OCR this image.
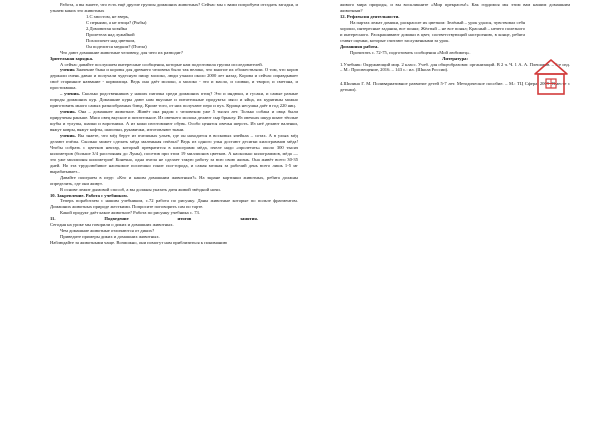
Работа, а вы знаете, что есть ещё другие группы домашних животных? Сейчас мы с вами попробуем отгадать загадки, и узнаем каких это животных

1.С хвостом, не зверь,

С перьями, а не птица? (Рыбы)

2.Домовитая хозяйка

Пролетела над лужайкой

Похлопочет над цветком,

Он поделится медком? (Пчела)

Что дают домашние животные человеку, для чего их разводят?

Зрительная зарядка.

А сейчас давайте послушаем интересные сообщения, которые нам подготовила группа исследователей.

ученик Значение быка и коровы для древнего человека было так велико, что многие их обожествляли. О том, что коров держали очень давно и получали чудесную пищу молоко, люди узнали около 2000 лет назад. Корова и сейчас оправдывает своё старинное название - кормилица. Ведь она даёт молоко, а молоко - это и масло, и сливки, и творог, и сметана, и простокваша.

– ученик. Сколько родственников у наших пятачка среди домашних птиц? Это и индюки, и гусаки, и самые разные породы домашних кур. Домашние куры дают нам вкусные и питательные продукты: мясо и яйца, их курятины можно приготовить много самых разнообразных блюд. Кроме того, от них получают перо и пух. Курица несушка даёт в год 220 яиц.

ученик. Она – домашнее животное. Живёт она рядом с человеком уже 5 тысяч лет. Только собака и овца были приручены раньше. Мясо овец вкусное и питательное. Из овечьего молока делают сыр брынзу. Из овечьих шкур шьют тёплые шубы и тулупы, шапки и воротники. А из кожи изготовляют обувь. Особо ценятся овечья шерсть. Из неё делают валенки, вяжут ковры, вяжут кофты, шапочки, рукавички, изготовляют ткани.

ученик. Вы знаете, что мёд берут из пчелиных ульев, где он находится в восковых ячейках – сотах. А в ульях мёд делают пчёлы. Сколько может сделать мёда маленькая пчёлка? Ведь из одного улья достают десятки килограммов мёда! Чтобы собрать с цветков нектар, который превратится в килограмм мёда, пчеле надо «пролетать» около 300 тысяч километров (больше 3/4 расстояния до Луны), посетив при этом 19 миллионов цветков. А насколько килограммов, мёда — это уже миллионы километров! Конечно, одна пчела не сделает такую работу за всю свою жизнь. Она живёт всего 30-35 дней. Но эта трудолюбивое насекомое поспешно гонит пол-города, и самая мелкая за рабочий день всего лишь 1-5 мг вырабатывает...

Давайте поиграем в игру: «Кто и каким домашним животным?» На экране картинки животных, ребята должны определить, где они живут.

В основе лежит дымовой способ, а вы должны указать дитя живой звёздной ночи.

10. Закрепление. Работа с учебником.

Теперь поработаем с нашим учебником, с.72 работа по рисунку. Даны животные которые по пользе фрагментом. Домашних животных природе жесткими. Попросите поговорить сам по тарте.

Какой продукт даёт какое животное? Работа по рисунку учебника с. 73.

11.	Подведение	итогов	занятия.

Сегодня на уроке мы говорили о диких и домашних животных.

Чем домашние животные отличаются от диких?

Приведите примеры диких и домашних животных.

Наблюдайте за животными чаще. Возможно, они помогут нам приблизиться к пониманию

живого мира природы, и вы воскликните «Мир прекрасен!» Как гордимся мы этим вам нашим домашним животным?

12. Рефлексия деятельности.

На партах лежат домики, раскрасьте их цветком: Зелёный – урок удался, чувствовал себя хорошо, интересные задания, все понял; Жёлтый – не все понял; Красный – нечего полезного и интересного. Раскрашивают домики в цвет, соответствующий настроению, в конце, ребята ставят оценки, которые считают заслуженными за урок.

Домашняя работа.

Прочитать с. 72-75, подготовить сообщения «Мой любимец».

Литература:

1.Учебник: Окружающий мир. 2 класс. Учеб. для общеобразоват. организаций. В 2 ч. Ч. 1 А. А. Плешаков. – 6-е изд. – М.: Просвещение, 2016. – 143 с.: ил. (Школа России).

4.Шилина Г. М. Поливариативное развитие детей 5-7 лет. Методическое пособие. – М.: ТЦ Сфера, 2009 (Вместе с детьми).
